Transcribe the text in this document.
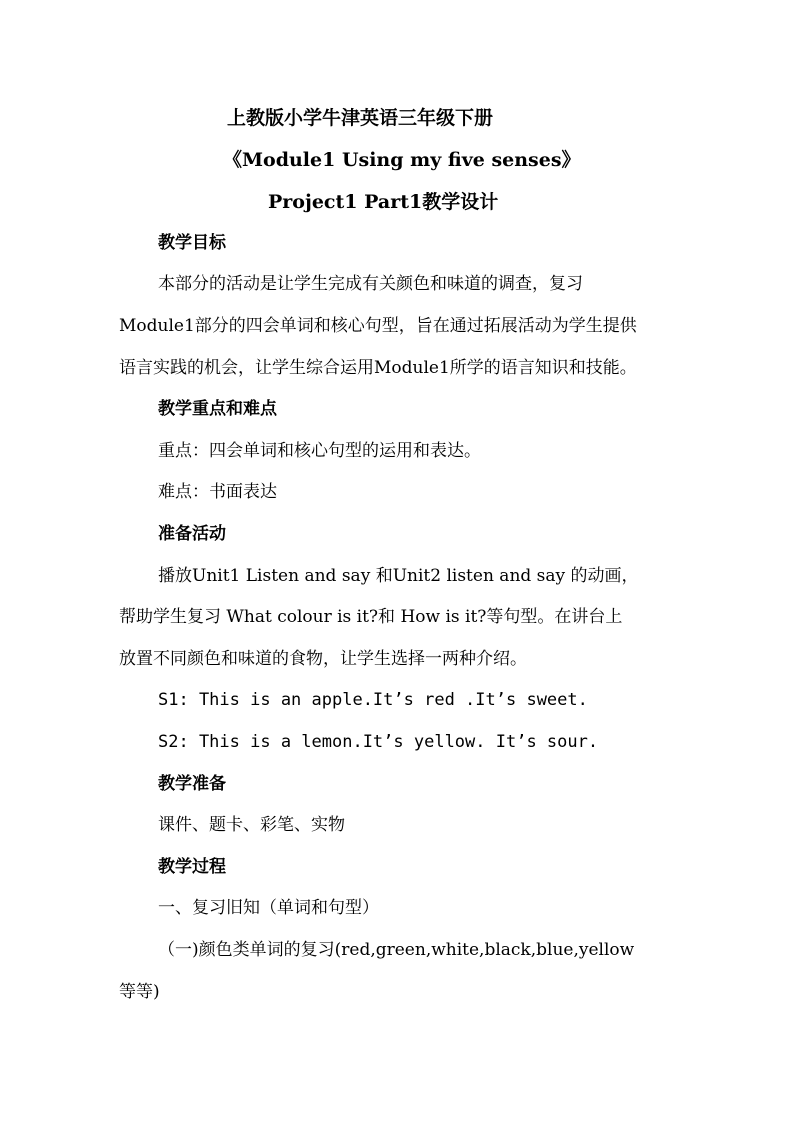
上教版小学牛津英语三年级下册
《Module1 Using my five senses》
Project1 Part1教学设计
教学目标
本部分的活动是让学生完成有关颜色和味道的调查，复习
Module1部分的四会单词和核心句型，旨在通过拓展活动为学生提供
语言实践的机会，让学生综合运用Module1所学的语言知识和技能。
教学重点和难点
重点：四会单词和核心句型的运用和表达。
难点：书面表达
准备活动
播放Unit1 Listen and say 和Unit2 listen and say 的动画，
帮助学生复习 What colour is it?和 How is it?等句型。在讲台上
放置不同颜色和味道的食物，让学生选择一两种介绍。
S1: This is an apple.It’s red .It’s sweet.
S2: This is a lemon.It’s yellow. It’s sour.
教学准备
课件、题卡、彩笔、实物
教学过程
一、复习旧知（单词和句型）
（一)颜色类单词的复习(red,green,white,black,blue,yellow
等等)
